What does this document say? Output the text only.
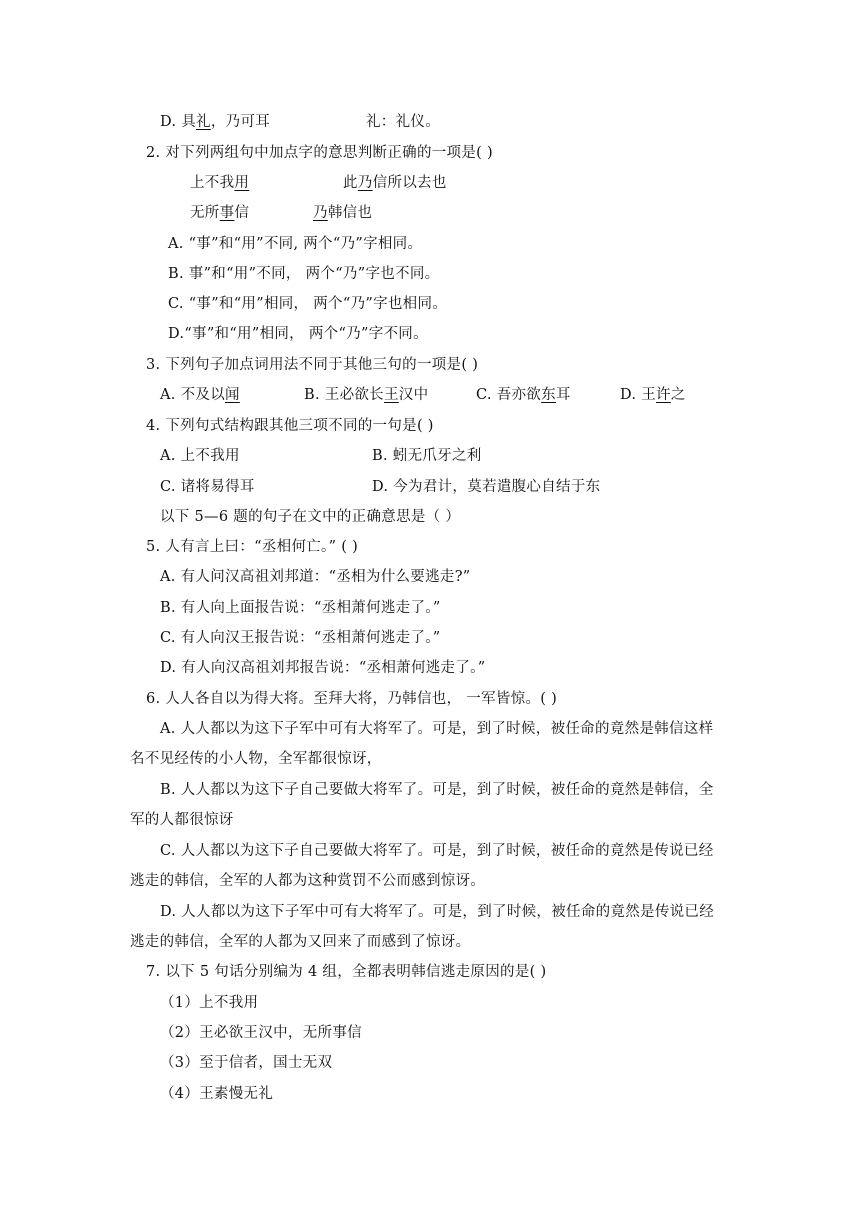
D. 具礼，乃可耳	礼：礼仪。
2. 对下列两组句中加点字的意思判断正确的一项是( )
上不我用	此乃信所以去也
无所事信	乃韩信也
A. “事”和“用”不同, 两个“乃”字相同。
B. 事”和“用”不同， 两个“乃”字也不同。
C. “事”和“用”相同， 两个“乃”字也相同。
D.“事”和“用”相同， 两个“乃”字不同。
3. 下列句子加点词用法不同于其他三句的一项是( )
A. 不及以闻	B. 王必欲长王汉中	C. 吾亦欲东耳	D. 王许之
4. 下列句式结构跟其他三项不同的一句是( )
A. 上不我用	B. 蚓无爪牙之利
C. 诸将易得耳	D. 今为君计，莫若遣腹心自结于东
以下 5—6 题的句子在文中的正确意思是（ ）
5. 人有言上曰：“丞相何亡。” ( )
A. 有人问汉高祖刘邦道：“丞相为什么要逃走?”
B. 有人向上面报告说：“丞相萧何逃走了。”
C. 有人向汉王报告说：“丞相萧何逃走了。”
D. 有人向汉高祖刘邦报告说：“丞相萧何逃走了。”
6. 人人各自以为得大将。至拜大将，乃韩信也， 一军皆惊。( )
A. 人人都以为这下子军中可有大将军了。可是，到了时候，被任命的竟然是韩信这样
名不见经传的小人物，全军都很惊讶，
B. 人人都以为这下子自己要做大将军了。可是，到了时候，被任命的竟然是韩信，全
军的人都很惊讶
C. 人人都以为这下子自己要做大将军了。可是，到了时候，被任命的竟然是传说已经
逃走的韩信，全军的人都为这种赏罚不公而感到惊讶。
D. 人人都以为这下子军中可有大将军了。可是，到了时候，被任命的竟然是传说已经
逃走的韩信，全军的人都为又回来了而感到了惊讶。
7. 以下 5 句话分别编为 4 组，全都表明韩信逃走原因的是( )
（1）上不我用
（2）王必欲王汉中，无所事信
（3）至于信者，国士无双
（4）王素慢无礼
